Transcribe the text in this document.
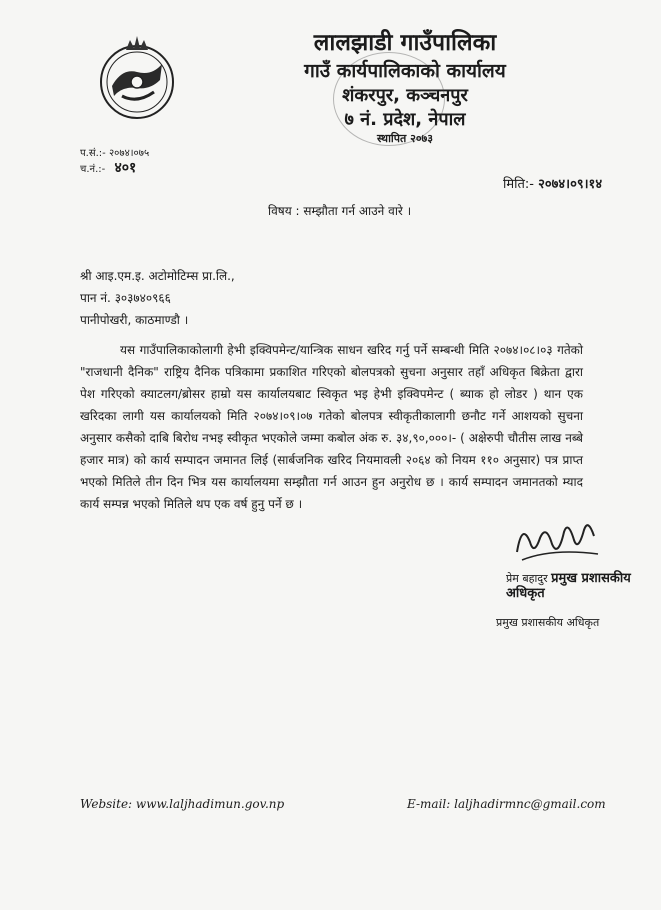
लालझाडी गाउँपालिका
गाउँ कार्यपालिकाको कार्यालय
शंकरपुर, कञ्चनपुर
७ नं. प्रदेश, नेपाल
स्थापित २०७३
प.सं.:- २०७४।०७५
च.नं.:- ४०१
मिति:- २०७४।०९।१४
विषय : सम्झौता गर्न आउने वारे ।
श्री आइ.एम.इ. अटोमोटिम्स प्रा.लि.,
पान नं. ३०३७४०९६६
पानीपोखरी, काठमाण्डौ ।
यस गाउँपालिकाकोलागी हेभी इक्विपमेन्ट/यान्त्रिक साधन खरिद गर्नु पर्ने सम्बन्धी मिति २०७४।०८।०३ गतेको "राजधानी दैनिक" राष्ट्रिय दैनिक पत्रिकामा प्रकाशित गरिएको बोलपत्रको सुचना अनुसार तहाँ अधिकृत बिक्रेता द्वारा पेश गरिएको क्याटलग/ब्रोसर हाम्रो यस कार्यालयबाट स्विकृत भइ हेभी इक्विपमेन्ट ( ब्याक हो लोडर ) थान एक खरिदका लागी यस कार्यालयको मिति २०७४।०९।०७ गतेको बोलपत्र स्वीकृतीकालागी छनौट गर्ने आशयको सुचना अनुसार कसैको दाबि बिरोध नभइ स्वीकृत भएकोले जम्मा कबोल अंक रु. ३४,९०,०००।- ( अक्षेरुपी चौतीस लाख नब्बे हजार मात्र) को कार्य सम्पादन जमानत लिई (सार्बजनिक खरिद नियमावली २०६४ को नियम ११० अनुसार) पत्र प्राप्त भएको मितिले तीन दिन भित्र यस कार्यालयमा सम्झौता गर्न आउन हुन अनुरोध छ । कार्य सम्पादन जमानतको म्याद कार्य सम्पन्न भएको मितिले थप एक वर्ष हुनु पर्ने छ ।
प्रेम बहादुर प्रमुख प्रशासकीय अधिकृत
प्रमुख प्रशासकीय अधिकृत
Website: www.laljhadimun.gov.np	E-mail: laljhadirmnc@gmail.com
